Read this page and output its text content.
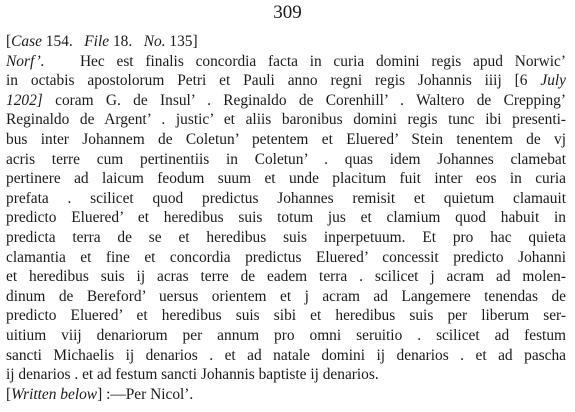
309
[Case 154. File 18. No. 135]
Norf’. Hec est finalis concordia facta in curia domini regis apud Norwic’
in octabis apostolorum Petri et Pauli anno regni regis Johannis iiij [6 July
1202] coram G. de Insul’ . Reginaldo de Corenhill’ . Waltero de Crepping’
Reginaldo de Argent’ . justic’ et aliis baronibus domini regis tunc ibi presenti-
bus inter Johannem de Coletun’ petentem et Eluered’ Stein tenentem de vj
acris terre cum pertinentiis in Coletun’ . quas idem Johannes clamebat
pertinere ad laicum feodum suum et unde placitum fuit inter eos in curia
prefata . scilicet quod predictus Johannes remisit et quietum clamauit
predicto Eluered’ et heredibus suis totum jus et clamium quod habuit in
predicta terra de se et heredibus suis inperpetuum. Et pro hac quieta
clamantia et fine et concordia predictus Eluered’ concessit predicto Johanni
et heredibus suis ij acras terre de eadem terra . scilicet j acram ad molen-
dinum de Bereford’ uersus orientem et j acram ad Langemere tenendas de
predicto Eluered’ et heredibus suis sibi et heredibus suis per liberum ser-
uitium viij denariorum per annum pro omni seruitio . scilicet ad festum
sancti Michaelis ij denarios . et ad natale domini ij denarios . et ad pascha
ij denarios . et ad festum sancti Johannis baptiste ij denarios.
[Written below] :—Per Nicol’.
